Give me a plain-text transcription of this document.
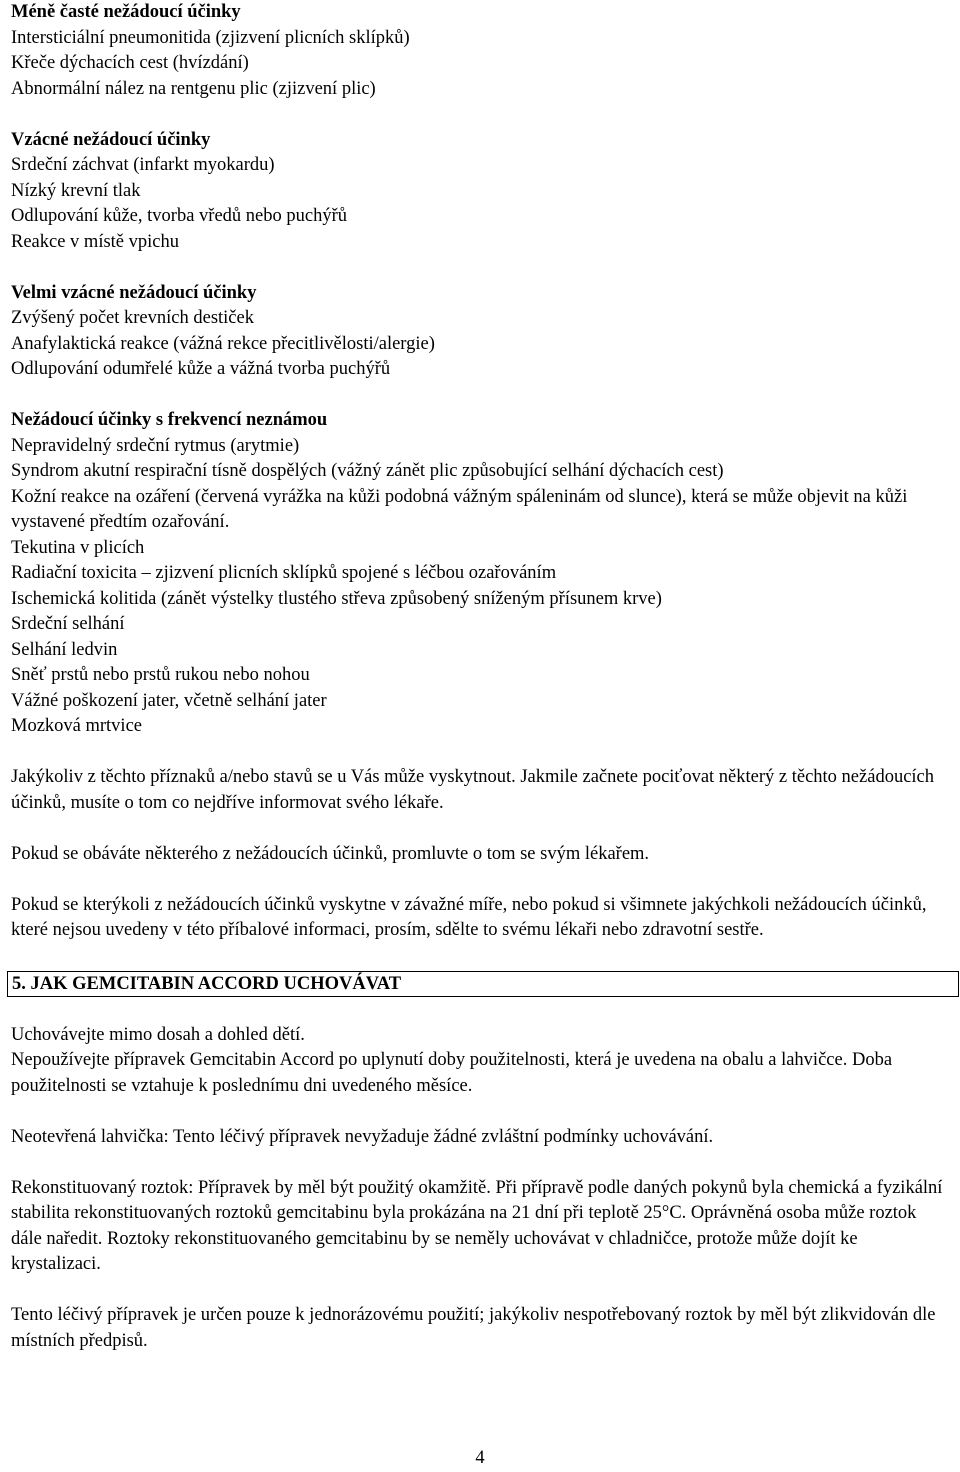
Méně časté nežádoucí účinky
Intersticiální pneumonitida (zjizvení plicních sklípků)
Křeče dýchacích cest (hvízdání)
Abnormální nález na rentgenu plic (zjizvení plic)
Vzácné nežádoucí účinky
Srdeční záchvat (infarkt myokardu)
Nízký krevní tlak
Odlupování kůže, tvorba vředů nebo puchýřů
Reakce v místě vpichu
Velmi vzácné nežádoucí účinky
Zvýšený počet krevních destiček
Anafylaktická reakce (vážná rekce přecitlivělosti/alergie)
Odlupování odumřelé kůže a vážná tvorba puchýřů
Nežádoucí účinky s frekvencí neznámou
Nepravidelný srdeční rytmus (arytmie)
Syndrom akutní respirační tísně dospělých (vážný zánět plic způsobující selhání dýchacích cest)
Kožní reakce na ozáření (červená vyrážka na kůži podobná vážným spáleninám od slunce), která se může objevit na kůži vystavené předtím ozařování.
Tekutina v plicích
Radiační toxicita – zjizvení plicních sklípků spojené s léčbou ozařováním
Ischemická kolitida (zánět výstelky tlustého střeva způsobený sníženým přísunem krve)
Srdeční selhání
Selhání ledvin
Sněť prstů nebo prstů rukou nebo nohou
Vážné poškození jater, včetně selhání jater
Mozková mrtvice

Jakýkoliv z těchto příznaků a/nebo stavů se u Vás může vyskytnout. Jakmile začnete pociťovat některý z těchto nežádoucích účinků, musíte o tom co nejdříve informovat svého lékaře.

Pokud se obáváte některého z nežádoucích účinků, promluvte o tom se svým lékařem.

Pokud se kterýkoli z nežádoucích účinků vyskytne v závažné míře, nebo pokud si všimnete jakýchkoli nežádoucích účinků, které nejsou uvedeny v této příbalové informaci, prosím, sdělte to svému lékaři nebo zdravotní sestře.

5. JAK GEMCITABIN ACCORD UCHOVÁVAT
Uchovávejte mimo dosah a dohled dětí.
Nepoužívejte přípravek Gemcitabin Accord po uplynutí doby použitelnosti, která je uvedena na obalu a lahvičce. Doba použitelnosti se vztahuje k poslednímu dni uvedeného měsíce.

Neotevřená lahvička: Tento léčivý přípravek nevyžaduje žádné zvláštní podmínky uchovávání.

Rekonstituovaný roztok: Přípravek by měl být použitý okamžitě. Při přípravě podle daných pokynů byla chemická a fyzikální stabilita rekonstituovaných roztoků gemcitabinu byla prokázána na 21 dní při teplotě 25°C. Oprávněná osoba může roztok dále naředit. Roztoky rekonstituovaného gemcitabinu by se neměly uchovávat v chladničce, protože může dojít ke krystalizaci.

Tento léčivý přípravek je určen pouze k jednorázovému použití; jakýkoliv nespotřebovaný roztok by měl být zlikvidován dle místních předpisů.

4
